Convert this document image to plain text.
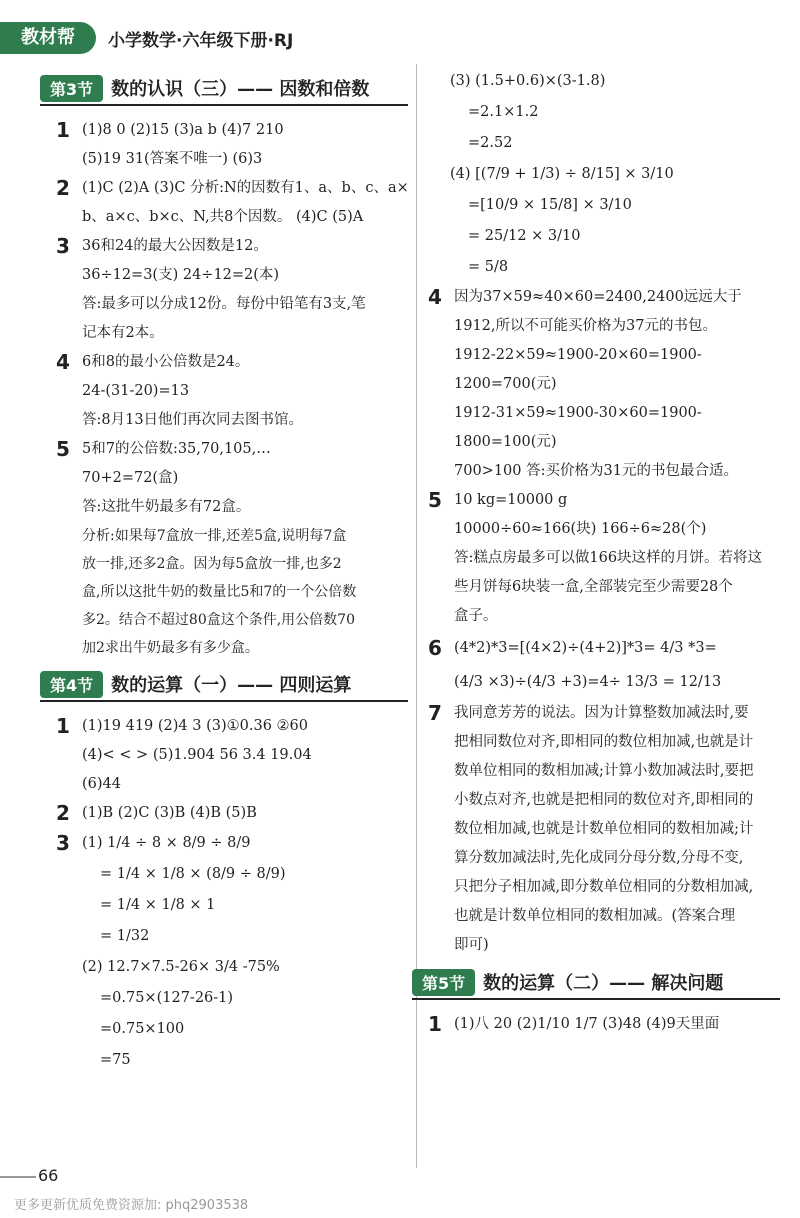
教材帮	小学数学·六年级下册·RJ
第3节	数的认识（三）—— 因数和倍数
1 (1)8 0 (2)15 (3)a b (4)7 210
(5)19 31(答案不唯一) (6)3
2 (1)C (2)A (3)C 分析:N的因数有1、a、b、c、a×
b、a×c、b×c、N,共8个因数。 (4)C (5)A
3 36和24的最大公因数是12。
36÷12=3(支) 24÷12=2(本)
答:最多可以分成12份。每份中铅笔有3支,笔
记本有2本。
4 6和8的最小公倍数是24。
24-(31-20)=13
答:8月13日他们再次同去图书馆。
5 5和7的公倍数:35,70,105,…
70+2=72(盒)
答:这批牛奶最多有72盒。
分析:如果每7盒放一排,还差5盒,说明每7盒
放一排,还多2盒。因为每5盒放一排,也多2
盒,所以这批牛奶的数量比5和7的一个公倍数
多2。结合不超过80盒这个条件,用公倍数70
加2求出牛奶最多有多少盒。
第4节	数的运算（一）—— 四则运算
1 (1)19 419 (2)4 3 (3)①0.36 ②60
(4)< < > (5)1.904 56 3.4 19.04
(6)44
2 (1)B (2)C (3)B (4)B (5)B
3 (1) 1/4 ÷ 8 × 8/9 ÷ 8/9
= 1/4 × 1/8 × (8/9 ÷ 8/9)
= 1/4 × 1/8 × 1
= 1/32
(2) 12.7×7.5-26× 3/4 -75%
=0.75×(127-26-1)
=0.75×100
=75
(3) (1.5+0.6)×(3-1.8)
=2.1×1.2
=2.52
(4) [(7/9 + 1/3) ÷ 8/15] × 3/10
=[10/9 × 15/8] × 3/10
= 25/12 × 3/10
= 5/8
4 因为37×59≈40×60=2400,2400远远大于
1912,所以不可能买价格为37元的书包。
1912-22×59≈1900-20×60=1900-
1200=700(元)
1912-31×59≈1900-30×60=1900-
1800=100(元)
700>100 答:买价格为31元的书包最合适。
5 10 kg=10000 g
10000÷60≈166(块) 166÷6≈28(个)
答:糕点房最多可以做166块这样的月饼。若将这
些月饼每6块装一盒,全部装完至少需要28个
盒子。
6 (4*2)*3=[(4×2)÷(4+2)]*3= 4/3 *3=
(4/3 ×3)÷(4/3 +3)=4÷ 13/3 = 12/13
7 我同意芳芳的说法。因为计算整数加减法时,要
把相同数位对齐,即相同的数位相加减,也就是计
数单位相同的数相加减;计算小数加减法时,要把
小数点对齐,也就是把相同的数位对齐,即相同的
数位相加减,也就是计数单位相同的数相加减;计
算分数加减法时,先化成同分母分数,分母不变,
只把分子相加减,即分数单位相同的分数相加减,
也就是计数单位相同的数相加减。(答案合理
即可)
第5节	数的运算（二）—— 解决问题
1 (1)八 20 (2)1/10 1/7 (3)48 (4)9天里面
66
更多更新优质免费资源加: phq2903538
